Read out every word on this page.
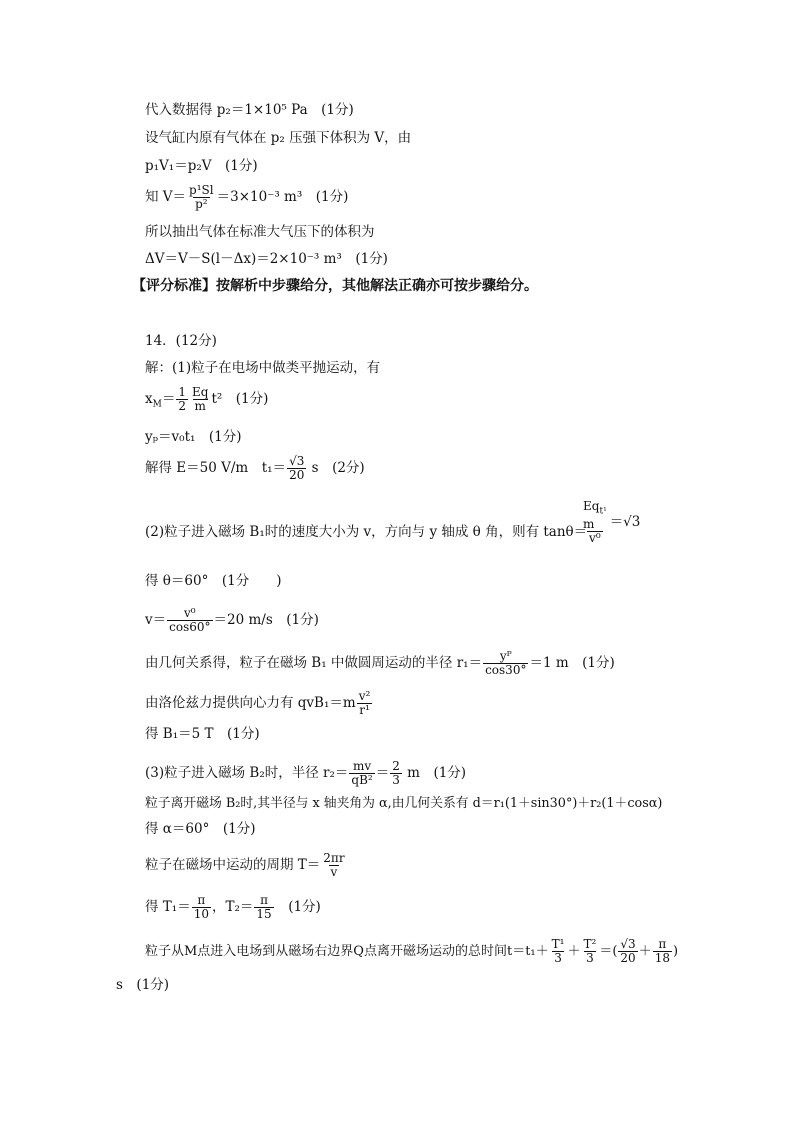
代入数据得 p₂＝1×10⁵ Pa　(1分)
设气缸内原有气体在 p₂ 压强下体积为 V，由
p₁V₁＝p₂V　(1分)
知 $V= \frac{\text{p¹Sl}}{\text{p²}} =3\times 10^{-3}$ m³　(1分)
所以抽出气体在标准大气压下的体积为
ΔV＝V－S(l－Δx)＝2×10⁻³ m³　(1分)
【评分标准】按解析中步骤给分，其他解法正确亦可按步骤给分。
14．(12分)
解：(1)粒子在电场中做类平抛运动，有
$x_M= \frac{1}{2} \frac{Eq}{m} t^2$　(1分)
yₚ＝v₀t₁　(1分)
解得 E＝50 V/m　$t_1= \frac{√3}{20}$ s　(2分)
(2)粒子进入磁场 B₁时的速度大小为 v，方向与 y 轴成 θ 角，则有 tanθ＝
$Eq_{t^1}$
m
v⁰
＝√3
得 θ＝60°　(1分　　)
$v= \frac{\text{v⁰}}{\cos 60^\circ} =20$ m/s　(1分)
由几何关系得，粒子在磁场 B₁ 中做圆周运动的半径 $r_1= \frac{\text{yᴾ}}{\cos 30^\circ} =1$ m　(1分)
由洛伦兹力提供向心力有 $qvB_1=m \frac{\text{v²}}{\text{r¹}}$
得 B₁＝5 T　(1分)
(3)粒子进入磁场 B₂时，半径 $r_2= \frac{mv}{\text{qB²}} = \frac{2}{3}$ m　(1分)
粒子离开磁场 B₂时,其半径与 x 轴夹角为 α,由几何关系有 d＝r₁(1＋sin30°)＋r₂(1＋cosα)
得 α＝60°　(1分)
粒子在磁场中运动的周期 $T= \frac{2\pi r}{v}$
得 $T_1= \frac{\pi}{10}$ ，$T_2= \frac{\pi}{15}$ 　(1分)
粒子从M点进入电场到从磁场右边界Q点离开磁场运动的总时间$t=t_1+ \frac{\text{T¹}}{3} + \frac{\text{T²}}{3}$ ＝( $\frac{√3}{20} + \frac{\pi}{18}$ )
s　(1分)
